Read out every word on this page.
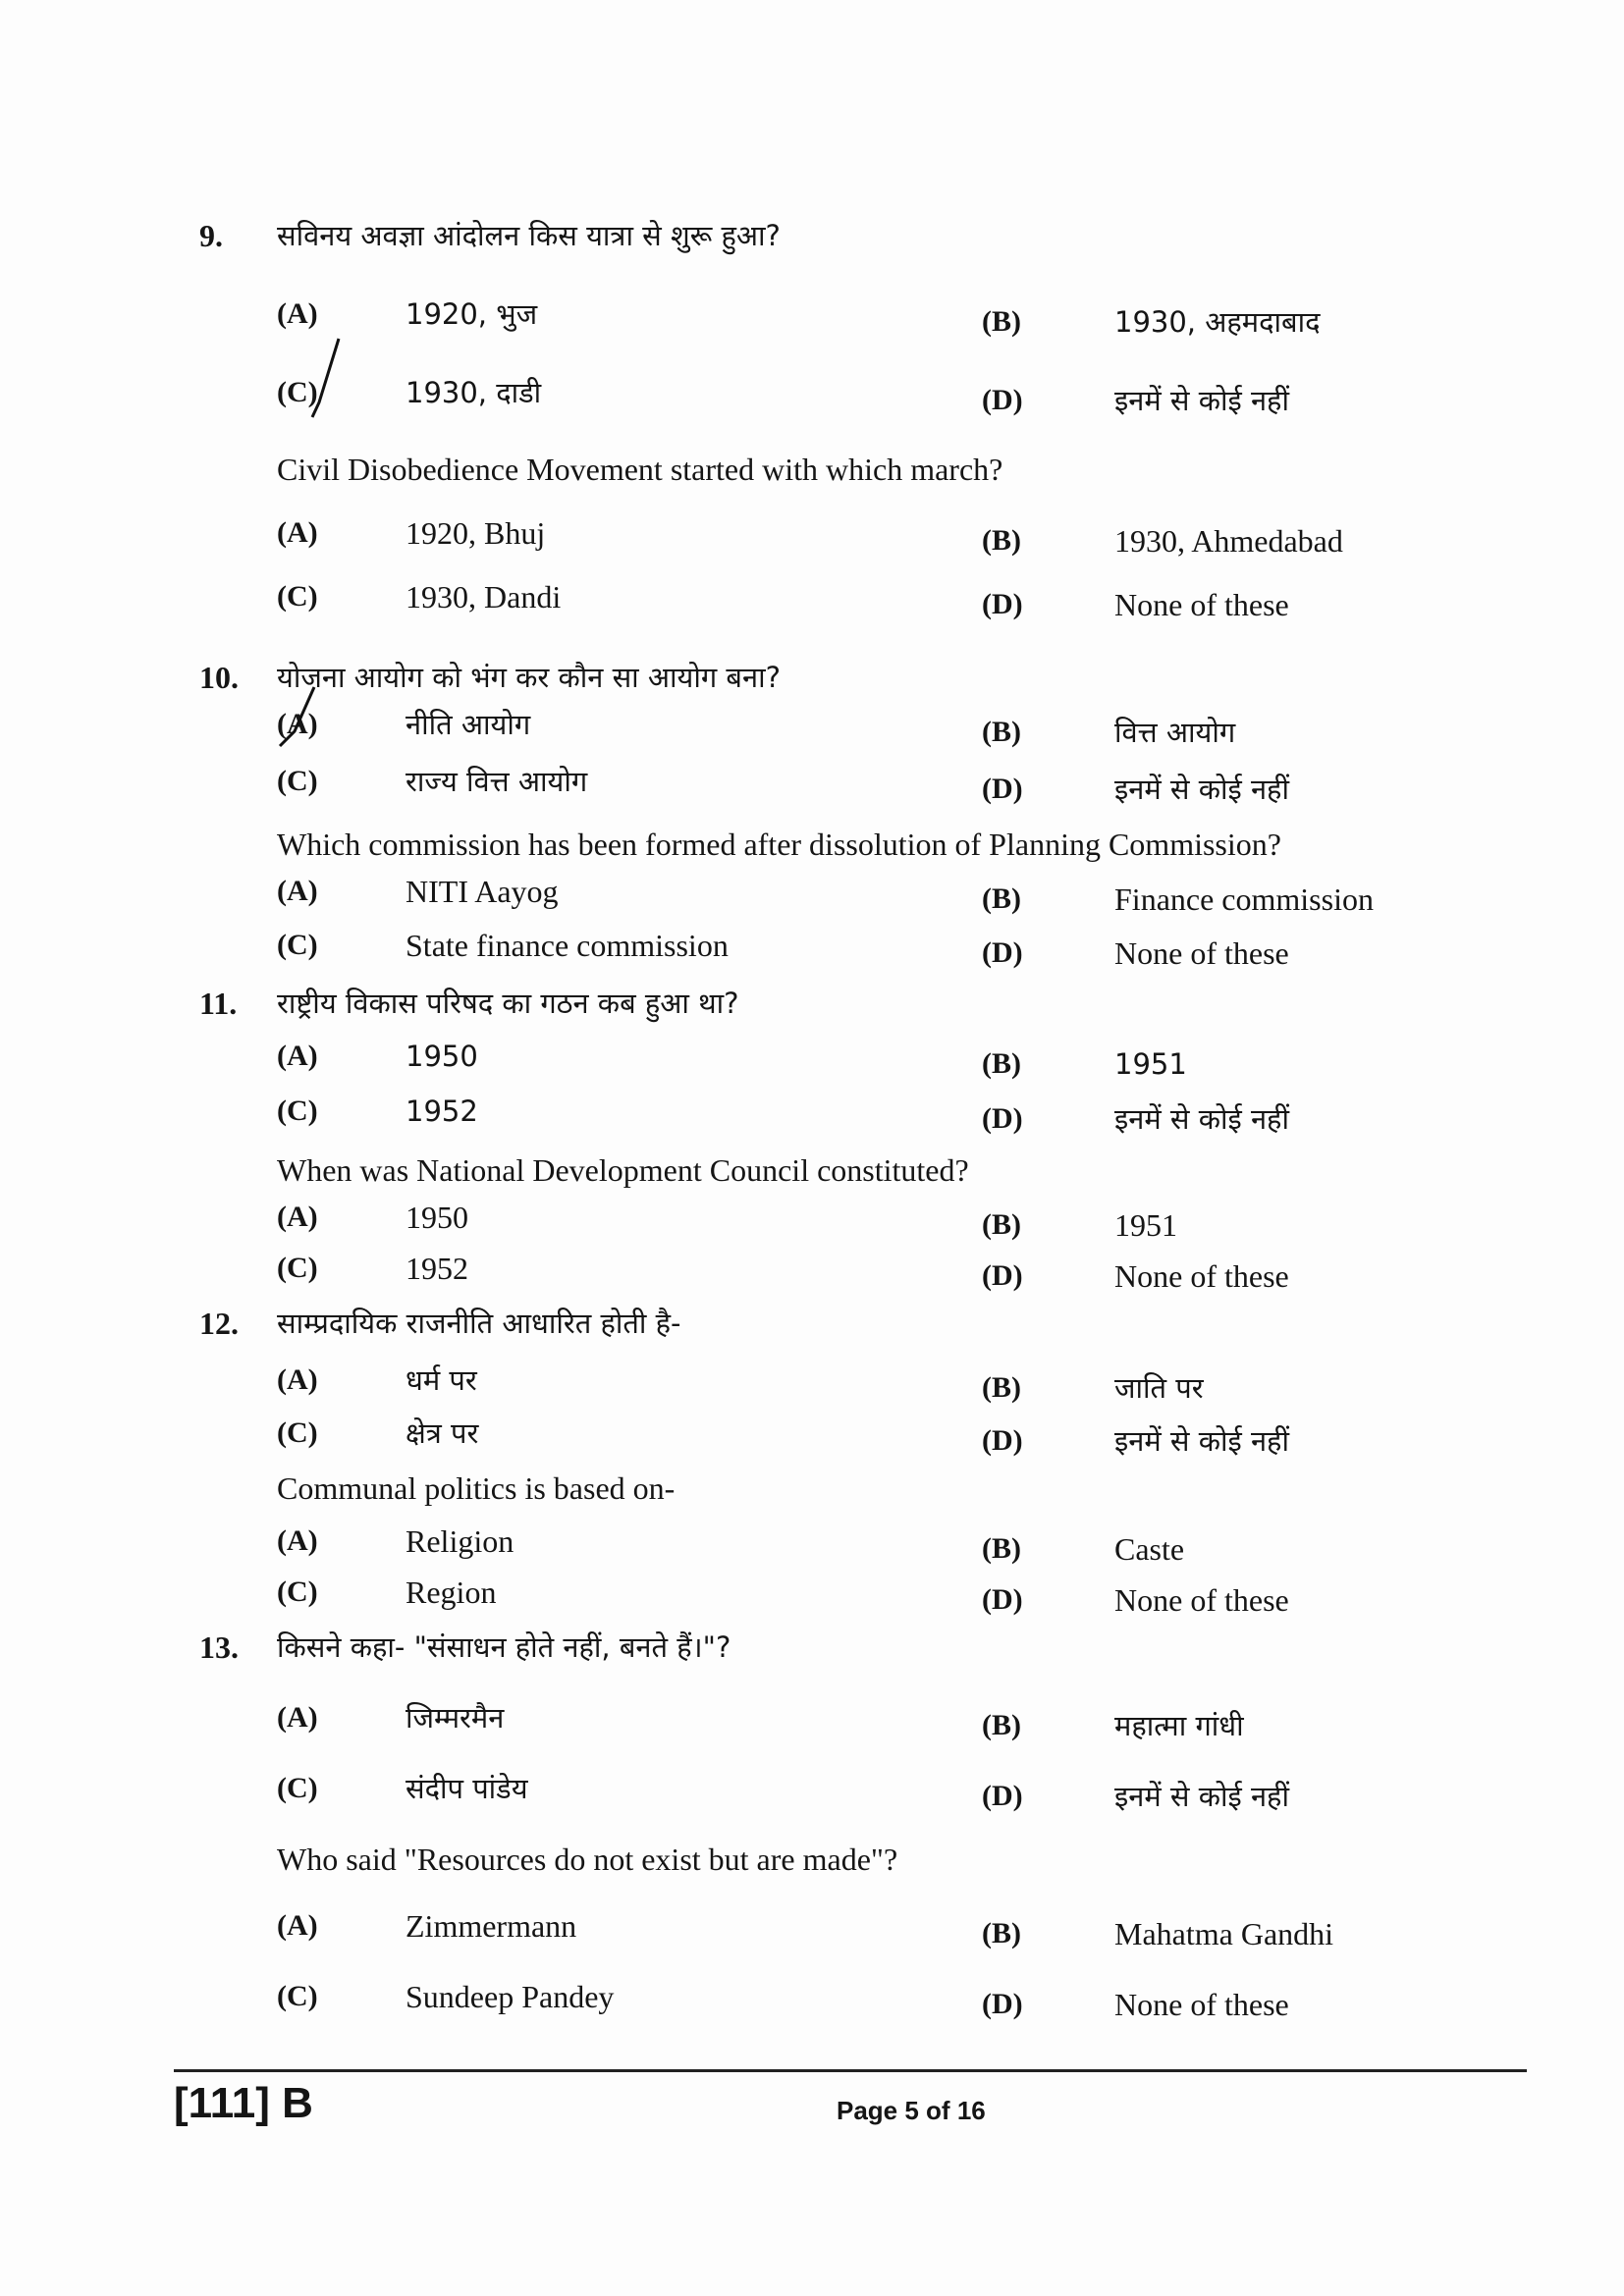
9. सविनय अवज्ञा आंदोलन किस यात्रा से शुरू हुआ?
Civil Disobedience Movement started with which march?
(A)	1920, भुज	(B)	1930, अहमदाबाद
(C)	1930, दाडी	(D)	इनमें से कोई नहीं
(A)	1920, Bhuj	(B)	1930, Ahmedabad
(C)	1930, Dandi	(D)	None of these
10. योजना आयोग को भंग कर कौन सा आयोग बना?
Which commission has been formed after dissolution of Planning Commission?
(A)	नीति आयोग	(B)	वित्त आयोग
(C)	राज्य वित्त आयोग	(D)	इनमें से कोई नहीं
(A)	NITI Aayog	(B)	Finance commission
(C)	State finance commission	(D)	None of these
11. राष्ट्रीय विकास परिषद का गठन कब हुआ था?
When was National Development Council constituted?
(A)	1950	(B)	1951
(C)	1952	(D)	इनमें से कोई नहीं
(A)	1950	(B)	1951
(C)	1952	(D)	None of these
12. साम्प्रदायिक राजनीति आधारित होती है-
Communal politics is based on-
(A)	धर्म पर	(B)	जाति पर
(C)	क्षेत्र पर	(D)	इनमें से कोई नहीं
(A)	Religion	(B)	Caste
(C)	Region	(D)	None of these
13. किसने कहा- "संसाधन होते नहीं, बनते हैं।"?
Who said "Resources do not exist but are made"?
(A)	जिम्मरमैन	(B)	महात्मा गांधी
(C)	संदीप पांडेय	(D)	इनमें से कोई नहीं
(A)	Zimmermann	(B)	Mahatma Gandhi
(C)	Sundeep Pandey	(D)	None of these
[111] B	Page 5 of 16
